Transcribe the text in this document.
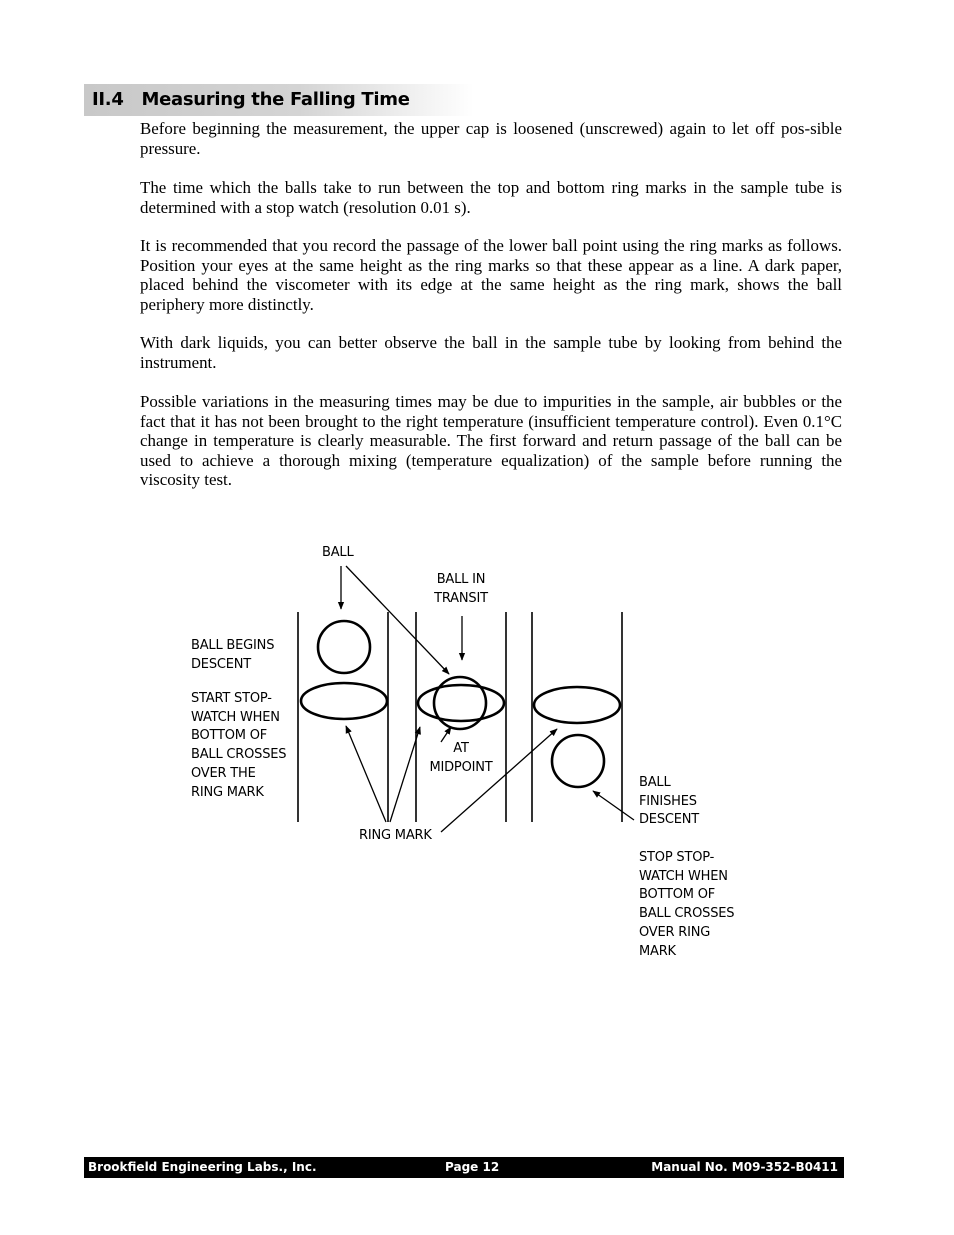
II.4   Measuring the Falling Time

Before beginning the measurement, the upper cap is loosened (unscrewed) again to let off pos-sible pressure.

The time which the balls take to run between the top and bottom ring marks in the sample tube is determined with a stop watch (resolution 0.01 s).

It is recommended that you record the passage of the lower ball point using the ring marks as follows. Position your eyes at the same height as the ring marks so that these appear as a line. A dark paper, placed behind the viscometer with its edge at the same height as the ring mark, shows the ball periphery more distinctly.

With dark liquids, you can better observe the ball in the sample tube by looking from behind the instrument.

Possible variations in the measuring times may be due to impurities in the sample, air bubbles or the fact that it has not been brought to the right temperature (insufficient temperature control). Even 0.1°C change in temperature is clearly measurable. The first forward and return passage of the ball can be used to achieve a thorough mixing (temperature equalization) of the sample before running the viscosity test.

BALL
BALL IN
TRANSIT
BALL BEGINS
DESCENT
START STOP-
WATCH WHEN
BOTTOM OF
BALL CROSSES
OVER THE
RING MARK
AT
MIDPOINT
RING MARK
BALL
FINISHES
DESCENT
STOP STOP-
WATCH WHEN
BOTTOM OF
BALL CROSSES
OVER RING
MARK
Brookfield Engineering Labs., Inc.	Page 12	Manual No. M09-352-B0411
